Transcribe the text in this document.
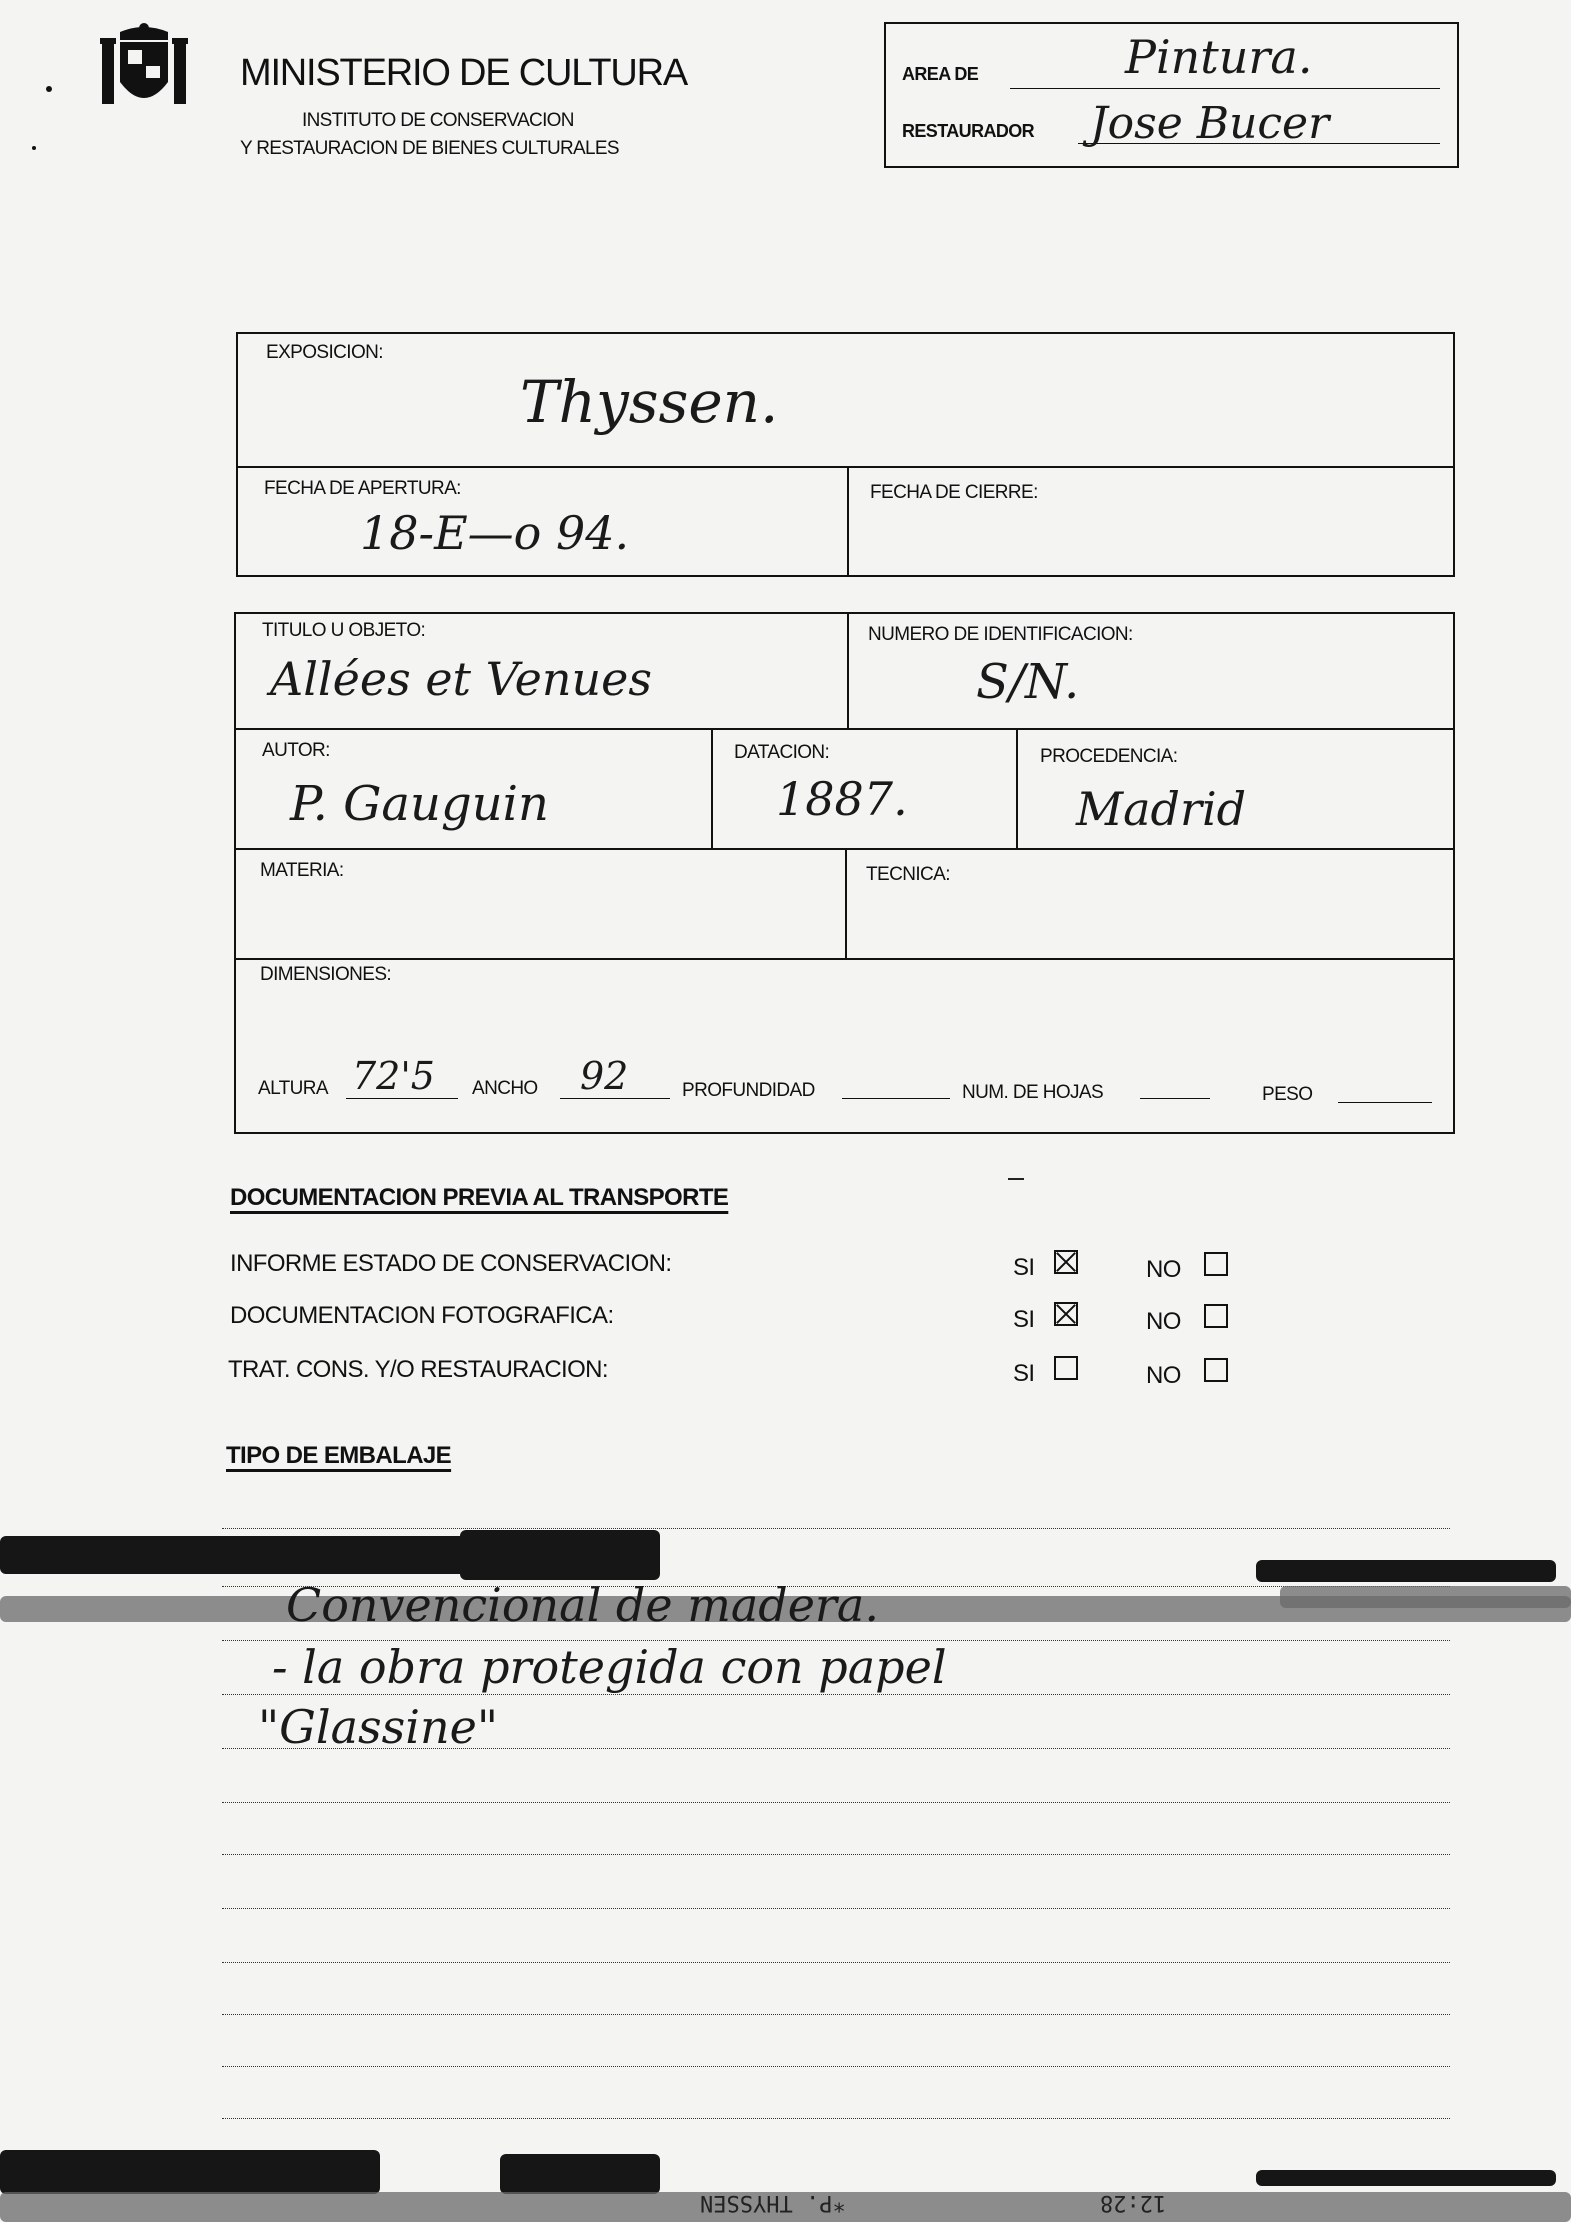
MINISTERIO DE CULTURA
INSTITUTO DE CONSERVACION
Y RESTAURACION DE BIENES CULTURALES
AREA DE	Pintura.
RESTAURADOR Jose Bucer
EXPOSICION:
Thyssen.
FECHA DE APERTURA:
18-E—o 94.
FECHA DE CIERRE:
TITULO U OBJETO:
Allées et Venues
NUMERO DE IDENTIFICACION:
S/N.
AUTOR:
P. Gauguin
DATACION:
1887.
PROCEDENCIA:
Madrid
MATERIA:	TECNICA:
DIMENSIONES:
ALTURA 72'5 ANCHO 92	PROFUNDIDAD	NUM. DE HOJAS	PESO
DOCUMENTACION PREVIA AL TRANSPORTE
INFORME ESTADO DE CONSERVACION:	SI	NO
DOCUMENTACION FOTOGRAFICA:	SI	NO
TRAT. CONS. Y/O RESTAURACION:	SI	NO
TIPO DE EMBALAJE
Convencional de madera.
- la obra protegida con papel
"Glassine"
*P. THYSSEN	12:28
